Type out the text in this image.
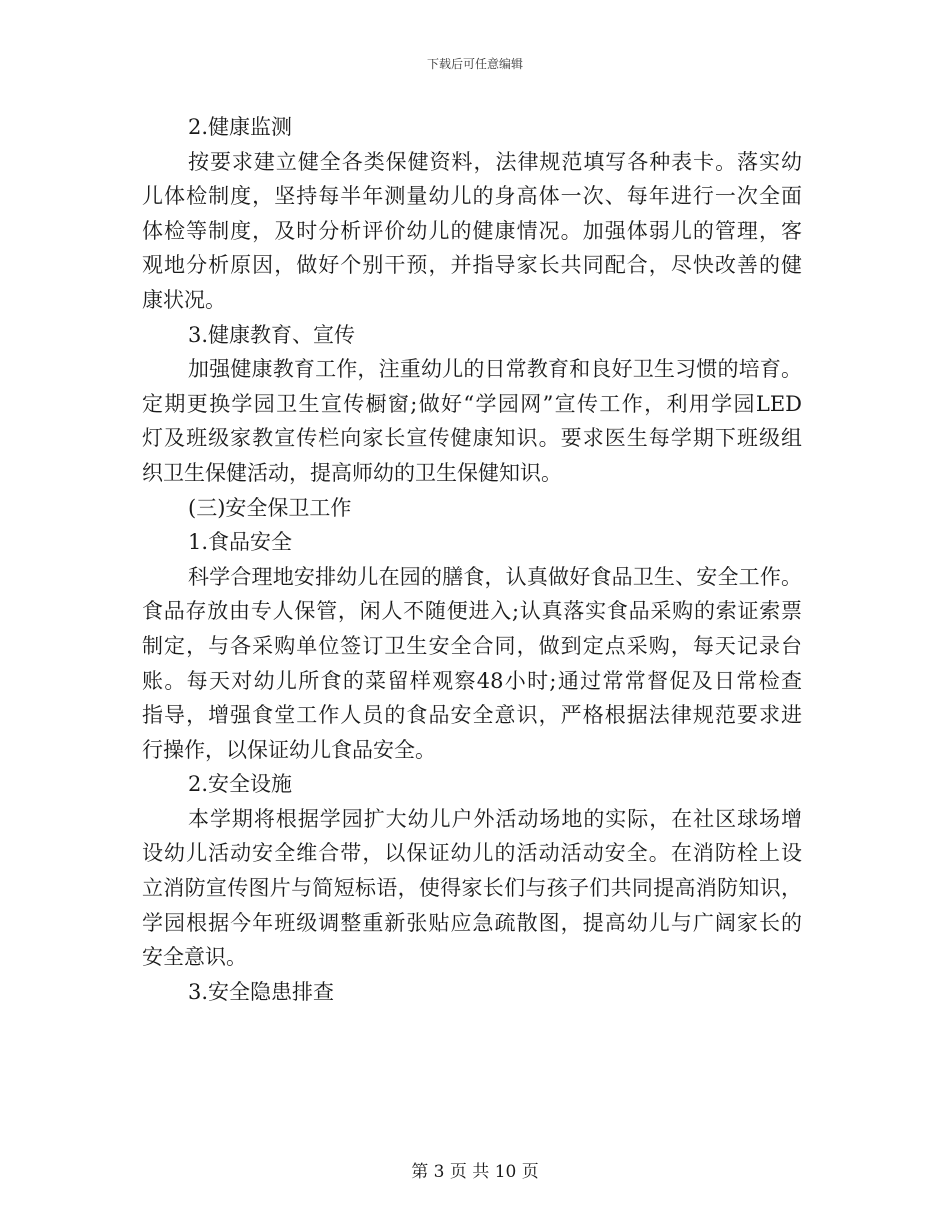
下载后可任意编辑
2.健康监测
按要求建立健全各类保健资料，法律规范填写各种表卡。落实幼
儿体检制度，坚持每半年测量幼儿的身高体一次、每年进行一次全面
体检等制度，及时分析评价幼儿的健康情况。加强体弱儿的管理，客
观地分析原因，做好个别干预，并指导家长共同配合，尽快改善的健
康状况。
3.健康教育、宣传
加强健康教育工作，注重幼儿的日常教育和良好卫生习惯的培育。
定期更换学园卫生宣传橱窗;做好“学园网”宣传工作，利用学园LED
灯及班级家教宣传栏向家长宣传健康知识。要求医生每学期下班级组
织卫生保健活动，提高师幼的卫生保健知识。
(三)安全保卫工作
1.食品安全
科学合理地安排幼儿在园的膳食，认真做好食品卫生、安全工作。
食品存放由专人保管，闲人不随便进入;认真落实食品采购的索证索票
制定，与各采购单位签订卫生安全合同，做到定点采购，每天记录台
账。每天对幼儿所食的菜留样观察48小时;通过常常督促及日常检查
指导，增强食堂工作人员的食品安全意识，严格根据法律规范要求进
行操作，以保证幼儿食品安全。
2.安全设施
本学期将根据学园扩大幼儿户外活动场地的实际，在社区球场增
设幼儿活动安全维合带，以保证幼儿的活动活动安全。在消防栓上设
立消防宣传图片与简短标语，使得家长们与孩子们共同提高消防知识，
学园根据今年班级调整重新张贴应急疏散图，提高幼儿与广阔家长的
安全意识。
3.安全隐患排查
第 3 页 共 10 页
